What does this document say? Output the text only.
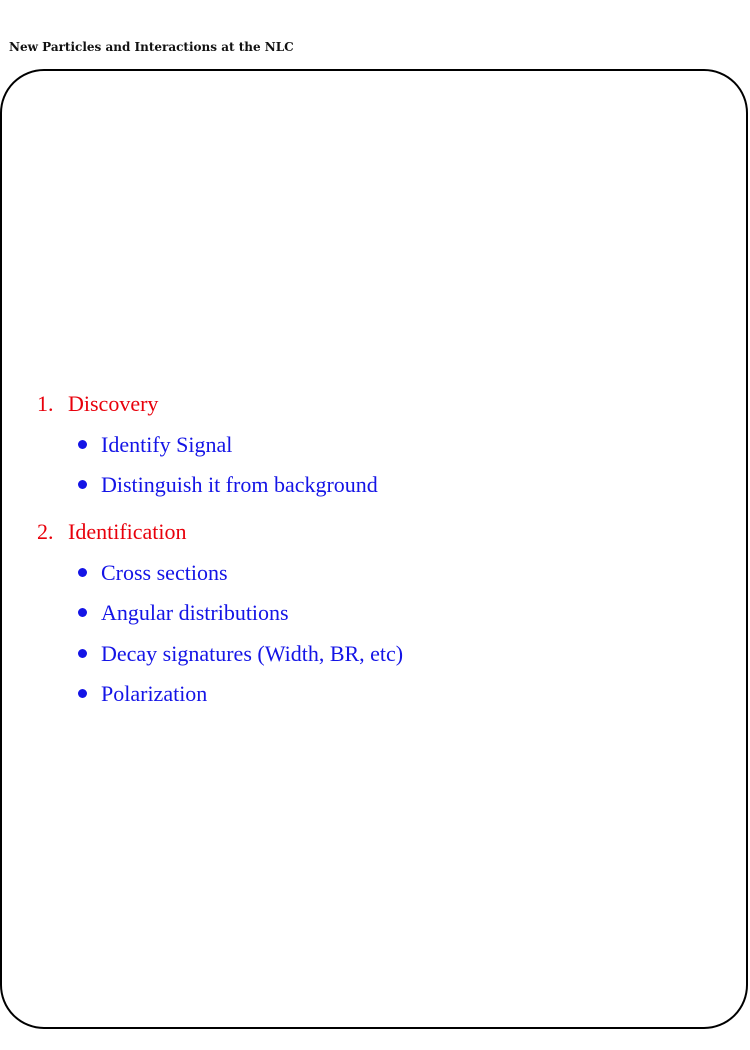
New Particles and Interactions at the NLC
1. Discovery
Identify Signal
Distinguish it from background
2. Identification
Cross sections
Angular distributions
Decay signatures (Width, BR, etc)
Polarization
